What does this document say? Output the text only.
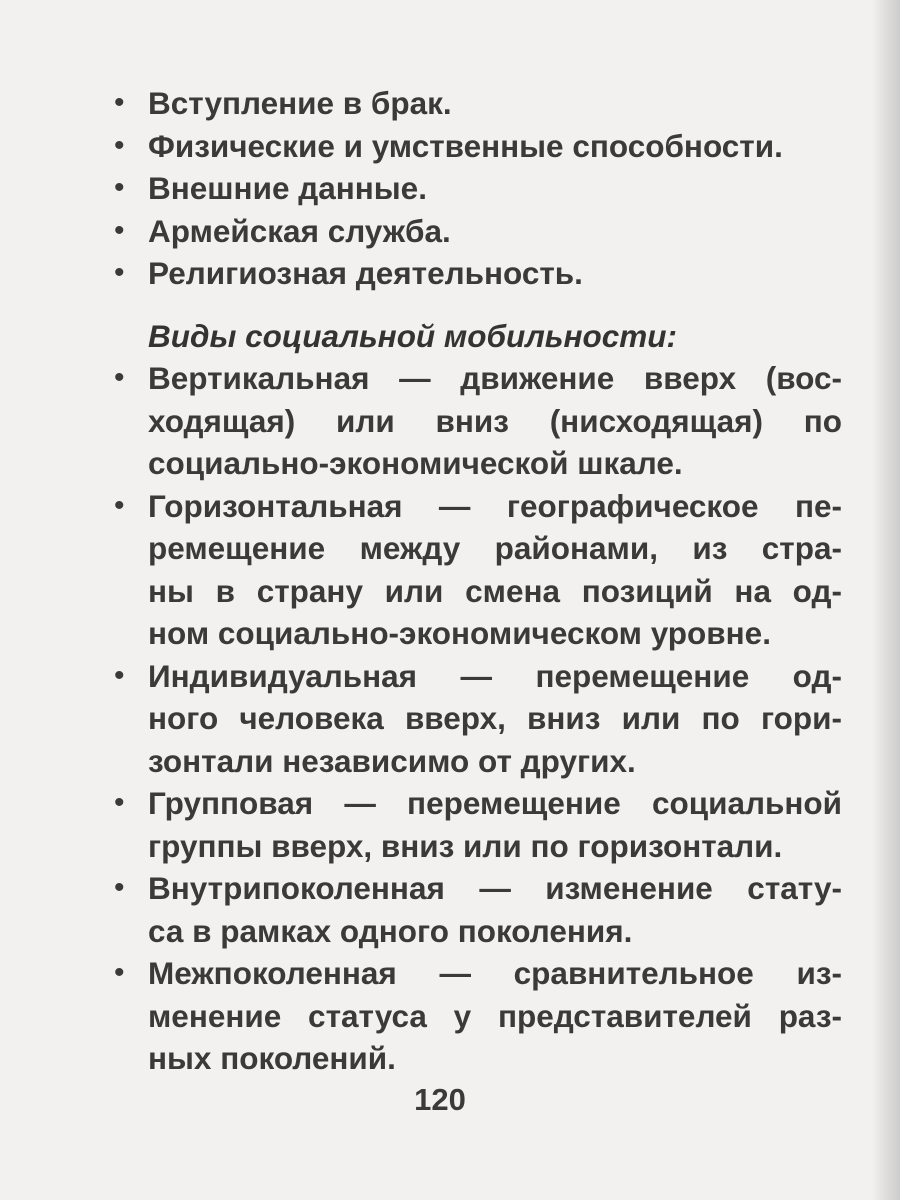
• Вступление в брак.
• Физические и умственные способности.
• Внешние данные.
• Армейская служба.
• Религиозная деятельность.
Виды социальной мобильности:
• Вертикальная — движение вверх (вос-
ходящая) или вниз (нисходящая) по
социально-экономической шкале.
• Горизонтальная — географическое пе-
ремещение между районами, из стра-
ны в страну или смена позиций на од-
ном социально-экономическом уровне.
• Индивидуальная — перемещение од-
ного человека вверх, вниз или по гори-
зонтали независимо от других.
• Групповая — перемещение социальной
группы вверх, вниз или по горизонтали.
• Внутрипоколенная — изменение стату-
са в рамках одного поколения.
• Межпоколенная — сравнительное из-
менение статуса у представителей раз-
ных поколений.
120
